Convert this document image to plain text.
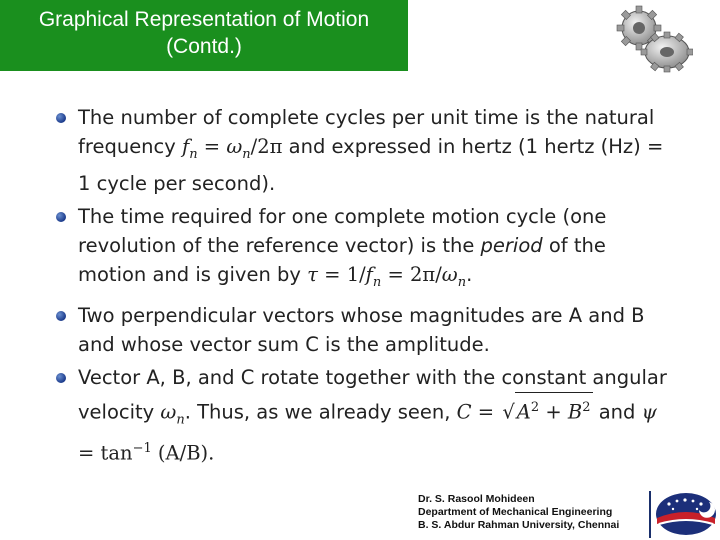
Graphical Representation of Motion
(Contd.)
The number of complete cycles per unit time is the natural frequency $f_n = \omega_n/2\pi$ and expressed in hertz (1 hertz (Hz) = 1 cycle per second).
The time required for one complete motion cycle (one revolution of the reference vector) is the period of the motion and is given by $\tau = 1/f_n = 2\pi/\omega_n$.
Two perpendicular vectors whose magnitudes are A and B and whose vector sum C is the amplitude.
Vector A, B, and C rotate together with the constant angular velocity $\omega_n$. Thus, as we already seen, C = √ $A^2 + B^2$ and $\psi = \tan^{-1} (A/B)$.
Dr. S. Rasool Mohideen
Department of Mechanical Engineering
B. S. Abdur Rahman University, Chennai
